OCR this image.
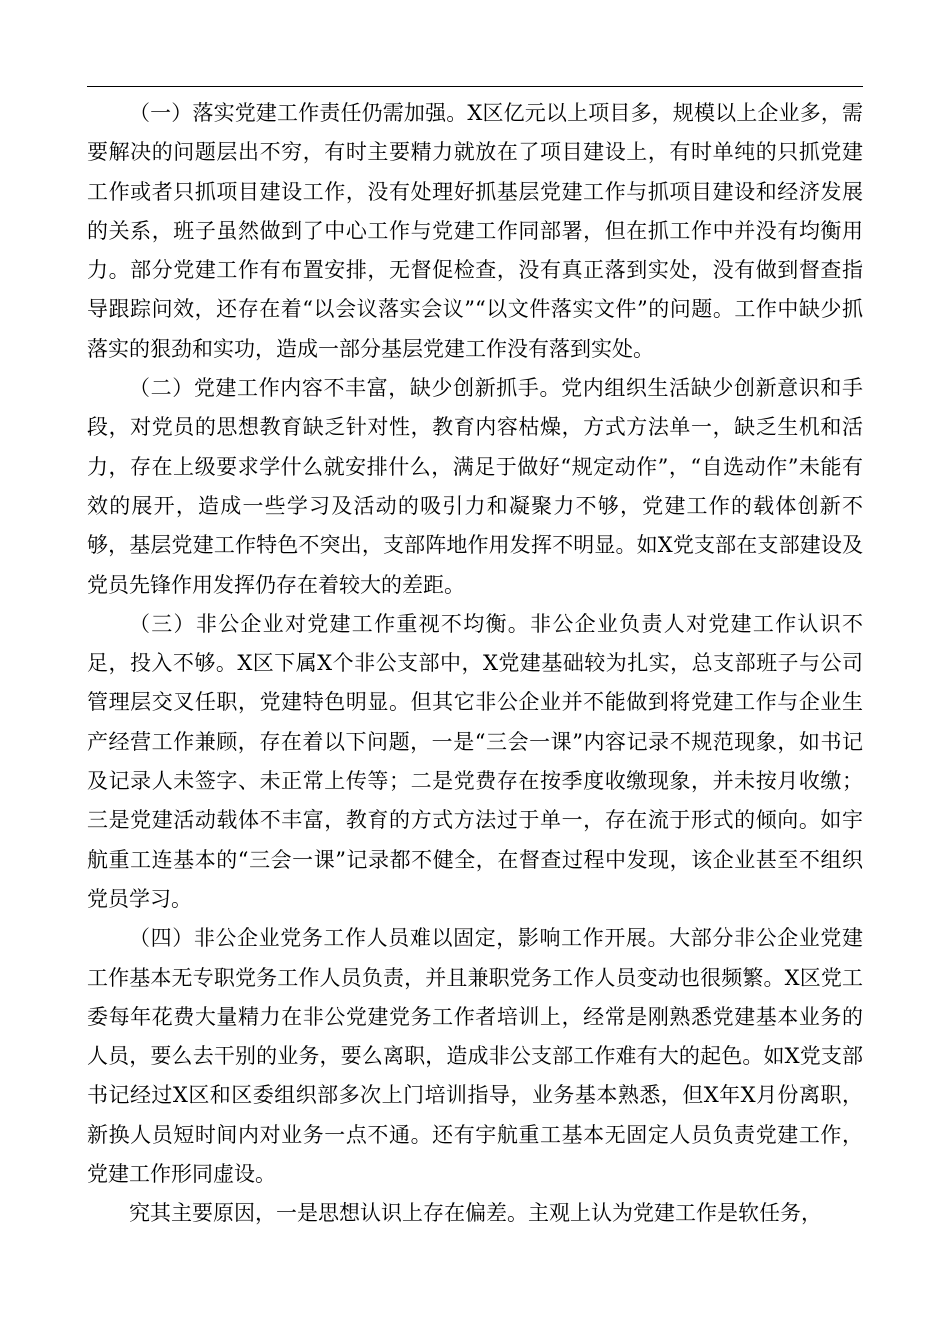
（一）落实党建工作责任仍需加强。X区亿元以上项目多，规模以上企业多，需要解决的问题层出不穷，有时主要精力就放在了项目建设上，有时单纯的只抓党建工作或者只抓项目建设工作，没有处理好抓基层党建工作与抓项目建设和经济发展的关系，班子虽然做到了中心工作与党建工作同部署，但在抓工作中并没有均衡用力。部分党建工作有布置安排，无督促检查，没有真正落到实处，没有做到督查指导跟踪问效，还存在着“以会议落实会议”“以文件落实文件”的问题。工作中缺少抓落实的狠劲和实功，造成一部分基层党建工作没有落到实处。

（二）党建工作内容不丰富，缺少创新抓手。党内组织生活缺少创新意识和手段，对党员的思想教育缺乏针对性，教育内容枯燥，方式方法单一，缺乏生机和活力，存在上级要求学什么就安排什么，满足于做好“规定动作”，“自选动作”未能有效的展开，造成一些学习及活动的吸引力和凝聚力不够，党建工作的载体创新不够，基层党建工作特色不突出，支部阵地作用发挥不明显。如X党支部在支部建设及党员先锋作用发挥仍存在着较大的差距。

（三）非公企业对党建工作重视不均衡。非公企业负责人对党建工作认识不足，投入不够。X区下属X个非公支部中，X党建基础较为扎实，总支部班子与公司管理层交叉任职，党建特色明显。但其它非公企业并不能做到将党建工作与企业生产经营工作兼顾，存在着以下问题，一是“三会一课”内容记录不规范现象，如书记及记录人未签字、未正常上传等；二是党费存在按季度收缴现象，并未按月收缴；三是党建活动载体不丰富，教育的方式方法过于单一，存在流于形式的倾向。如宇航重工连基本的“三会一课”记录都不健全，在督查过程中发现，该企业甚至不组织党员学习。

（四）非公企业党务工作人员难以固定，影响工作开展。大部分非公企业党建工作基本无专职党务工作人员负责，并且兼职党务工作人员变动也很频繁。X区党工委每年花费大量精力在非公党建党务工作者培训上，经常是刚熟悉党建基本业务的人员，要么去干别的业务，要么离职，造成非公支部工作难有大的起色。如X党支部书记经过X区和区委组织部多次上门培训指导，业务基本熟悉，但X年X月份离职，新换人员短时间内对业务一点不通。还有宇航重工基本无固定人员负责党建工作，党建工作形同虚设。

究其主要原因，一是思想认识上存在偏差。主观上认为党建工作是软任务，
